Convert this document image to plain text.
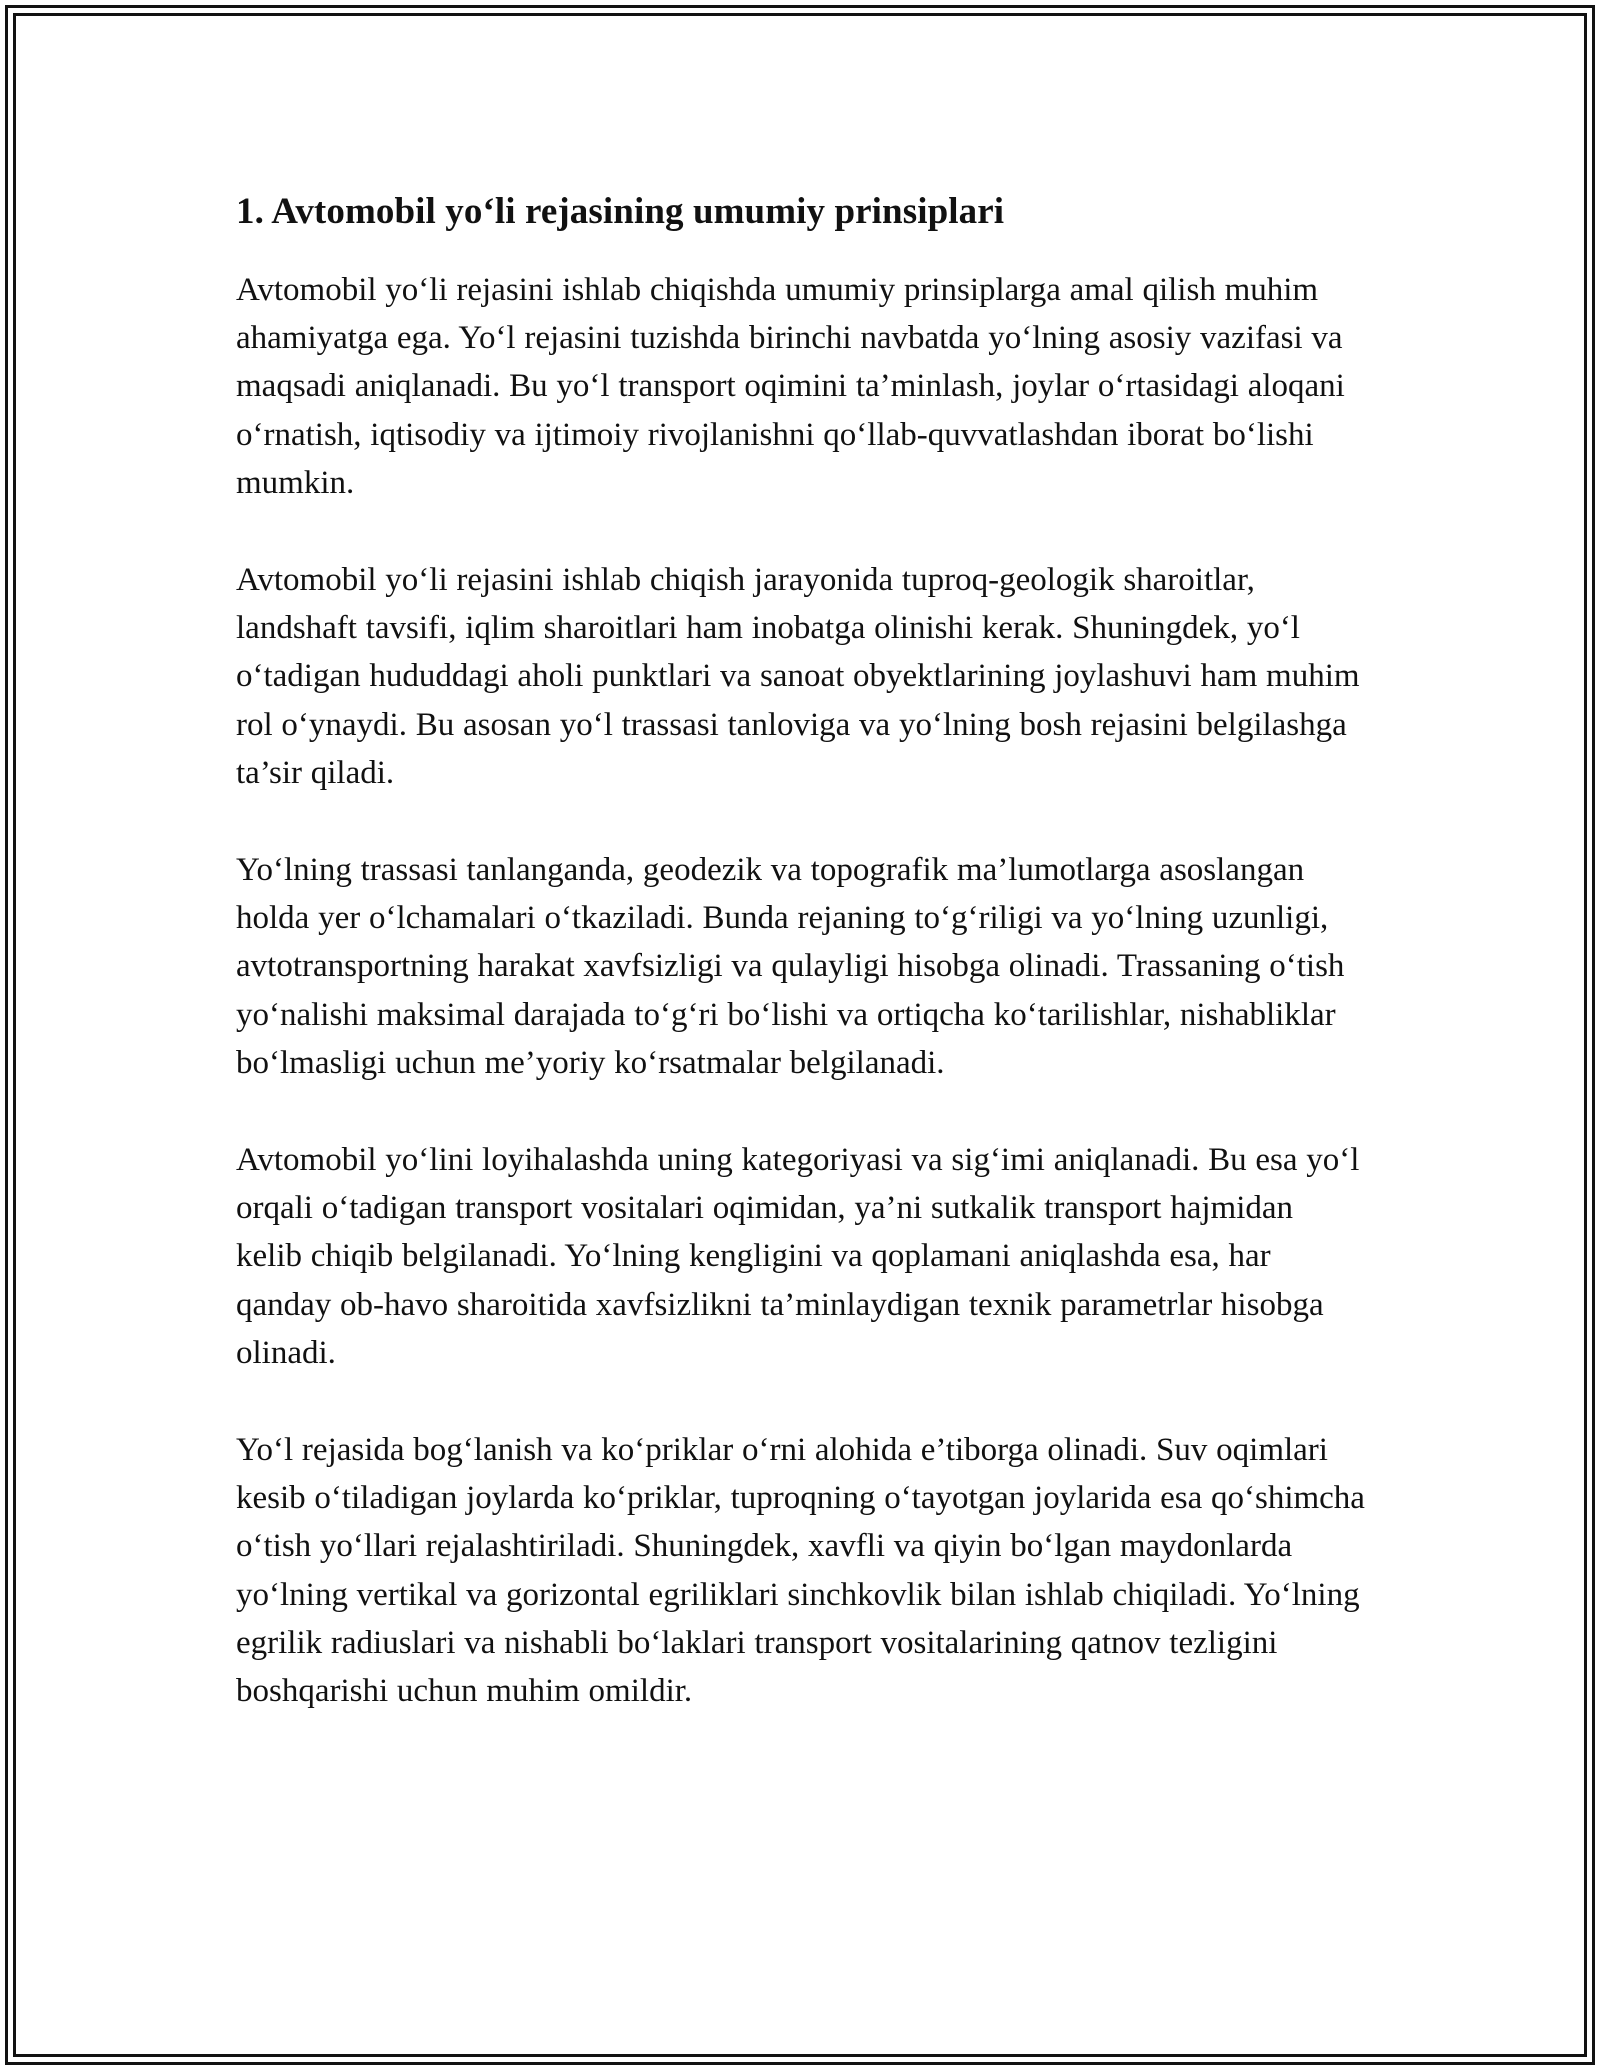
1. Avtomobil yo‘li rejasining umumiy prinsiplari

Avtomobil yo‘li rejasini ishlab chiqishda umumiy prinsiplarga amal qilish muhim ahamiyatga ega. Yo‘l rejasini tuzishda birinchi navbatda yo‘lning asosiy vazifasi va maqsadi aniqlanadi. Bu yo‘l transport oqimini ta’minlash, joylar o‘rtasidagi aloqani o‘rnatish, iqtisodiy va ijtimoiy rivojlanishni qo‘llab-quvvatlashdan iborat bo‘lishi mumkin.

Avtomobil yo‘li rejasini ishlab chiqish jarayonida tuproq-geologik sharoitlar, landshaft tavsifi, iqlim sharoitlari ham inobatga olinishi kerak. Shuningdek, yo‘l o‘tadigan hududdagi aholi punktlari va sanoat obyektlarining joylashuvi ham muhim rol o‘ynaydi. Bu asosan yo‘l trassasi tanloviga va yo‘lning bosh rejasini belgilashga ta’sir qiladi.

Yo‘lning trassasi tanlanganda, geodezik va topografik ma’lumotlarga asoslangan holda yer o‘lchamalari o‘tkaziladi. Bunda rejaning to‘g‘riligi va yo‘lning uzunligi, avtotransportning harakat xavfsizligi va qulayligi hisobga olinadi. Trassaning o‘tish yo‘nalishi maksimal darajada to‘g‘ri bo‘lishi va ortiqcha ko‘tarilishlar, nishabliklar bo‘lmasligi uchun me’yoriy ko‘rsatmalar belgilanadi.

Avtomobil yo‘lini loyihalashda uning kategoriyasi va sig‘imi aniqlanadi. Bu esa yo‘l orqali o‘tadigan transport vositalari oqimidan, ya’ni sutkalik transport hajmidan kelib chiqib belgilanadi. Yo‘lning kengligini va qoplamani aniqlashda esa, har qanday ob-havo sharoitida xavfsizlikni ta’minlaydigan texnik parametrlar hisobga olinadi.

Yo‘l rejasida bog‘lanish va ko‘priklar o‘rni alohida e’tiborga olinadi. Suv oqimlari kesib o‘tiladigan joylarda ko‘priklar, tuproqning o‘tayotgan joylarida esa qo‘shimcha o‘tish yo‘llari rejalashtiriladi. Shuningdek, xavfli va qiyin bo‘lgan maydonlarda yo‘lning vertikal va gorizontal egriliklari sinchkovlik bilan ishlab chiqiladi. Yo‘lning egrilik radiuslari va nishabli bo‘laklari transport vositalarining qatnov tezligini boshqarishi uchun muhim omildir.
